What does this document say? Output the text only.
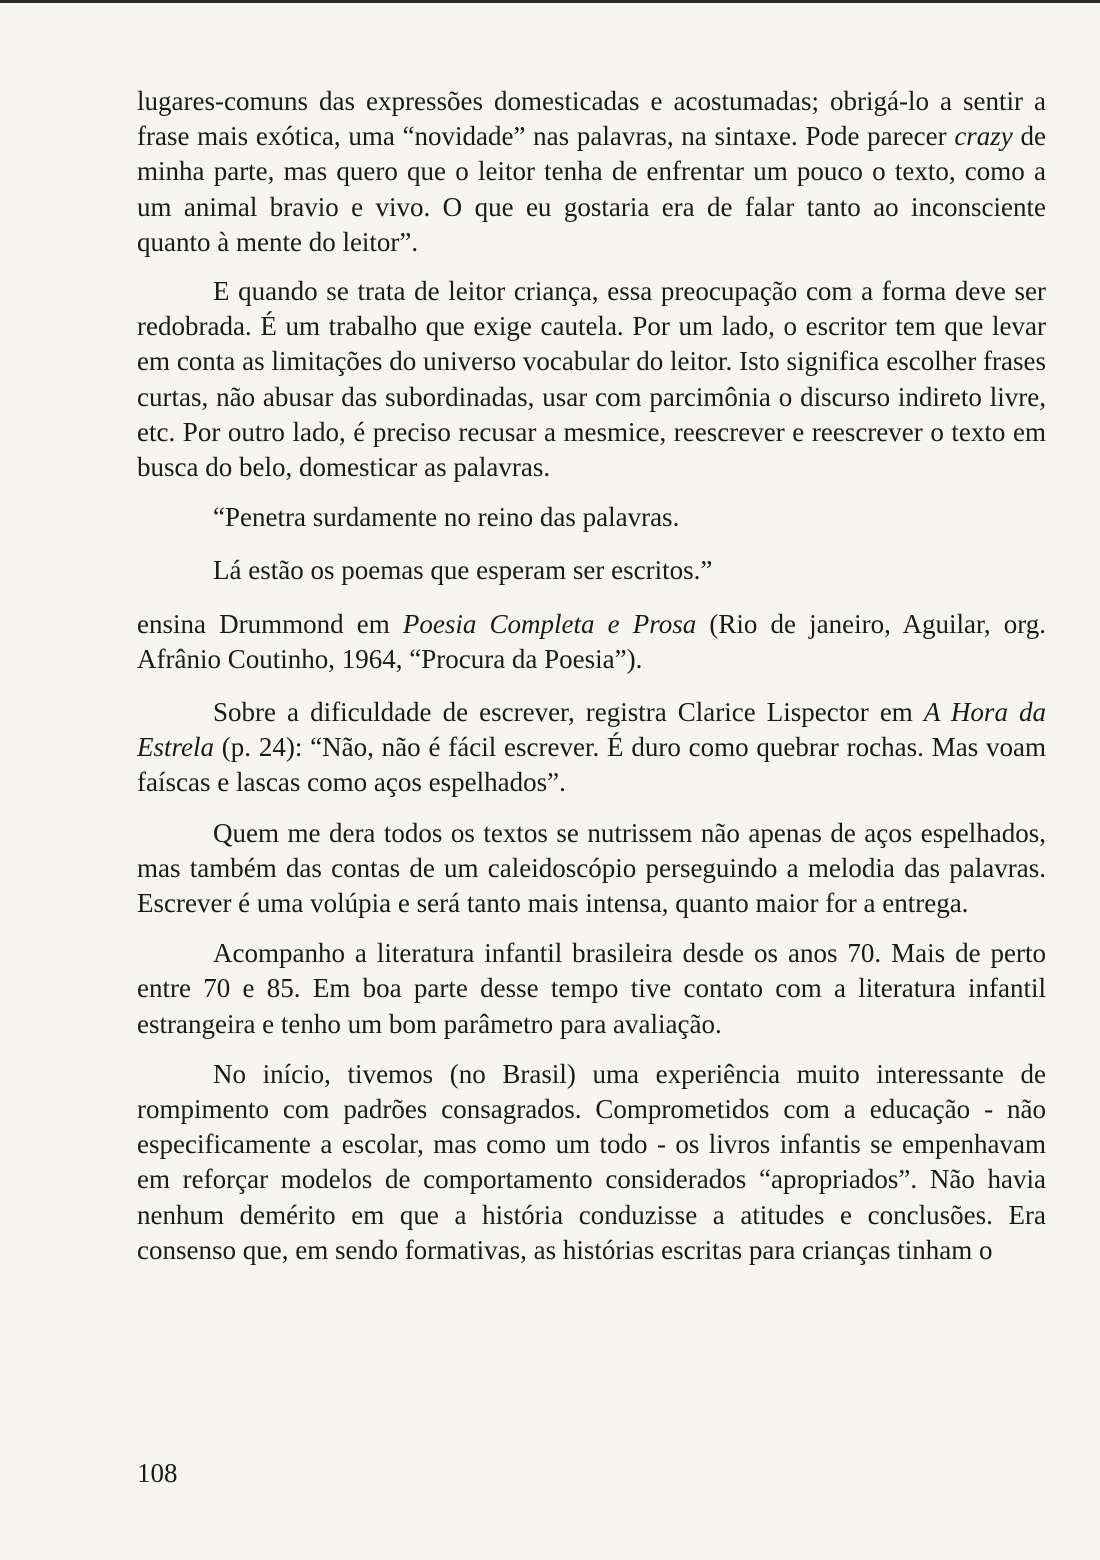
lugares-comuns das expressões domesticadas e acostumadas; obrigá-lo a sentir a frase mais exótica, uma “novidade” nas palavras, na sintaxe. Pode parecer crazy de minha parte, mas quero que o leitor tenha de enfrentar um pouco o texto, como a um animal bravio e vivo. O que eu gostaria era de falar tanto ao inconsciente quanto à mente do leitor”.

E quando se trata de leitor criança, essa preocupação com a forma deve ser redobrada. É um trabalho que exige cautela. Por um lado, o escritor tem que levar em conta as limitações do universo vocabular do leitor. Isto significa escolher frases curtas, não abusar das subordinadas, usar com parcimônia o discurso indireto livre, etc. Por outro lado, é preciso recusar a mesmice, reescrever e reescrever o texto em busca do belo, domesticar as palavras.

“Penetra surdamente no reino das palavras.

Lá estão os poemas que esperam ser escritos.”

ensina Drummond em Poesia Completa e Prosa (Rio de janeiro, Aguilar, org. Afrânio Coutinho, 1964, “Procura da Poesia”).

Sobre a dificuldade de escrever, registra Clarice Lispector em A Hora da Estrela (p. 24): “Não, não é fácil escrever. É duro como quebrar rochas. Mas voam faíscas e lascas como aços espelhados”.

Quem me dera todos os textos se nutrissem não apenas de aços espelhados, mas também das contas de um caleidoscópio perseguindo a melodia das palavras. Escrever é uma volúpia e será tanto mais intensa, quanto maior for a entrega.

Acompanho a literatura infantil brasileira desde os anos 70. Mais de perto entre 70 e 85. Em boa parte desse tempo tive contato com a literatura infantil estrangeira e tenho um bom parâmetro para avaliação.

No início, tivemos (no Brasil) uma experiência muito interessante de rompimento com padrões consagrados. Comprometidos com a educação - não especificamente a escolar, mas como um todo - os livros infantis se empenhavam em reforçar modelos de comportamento considerados “apropriados”. Não havia nenhum demérito em que a história conduzisse a atitudes e conclusões. Era consenso que, em sendo formativas, as histórias escritas para crianças tinham o

108
